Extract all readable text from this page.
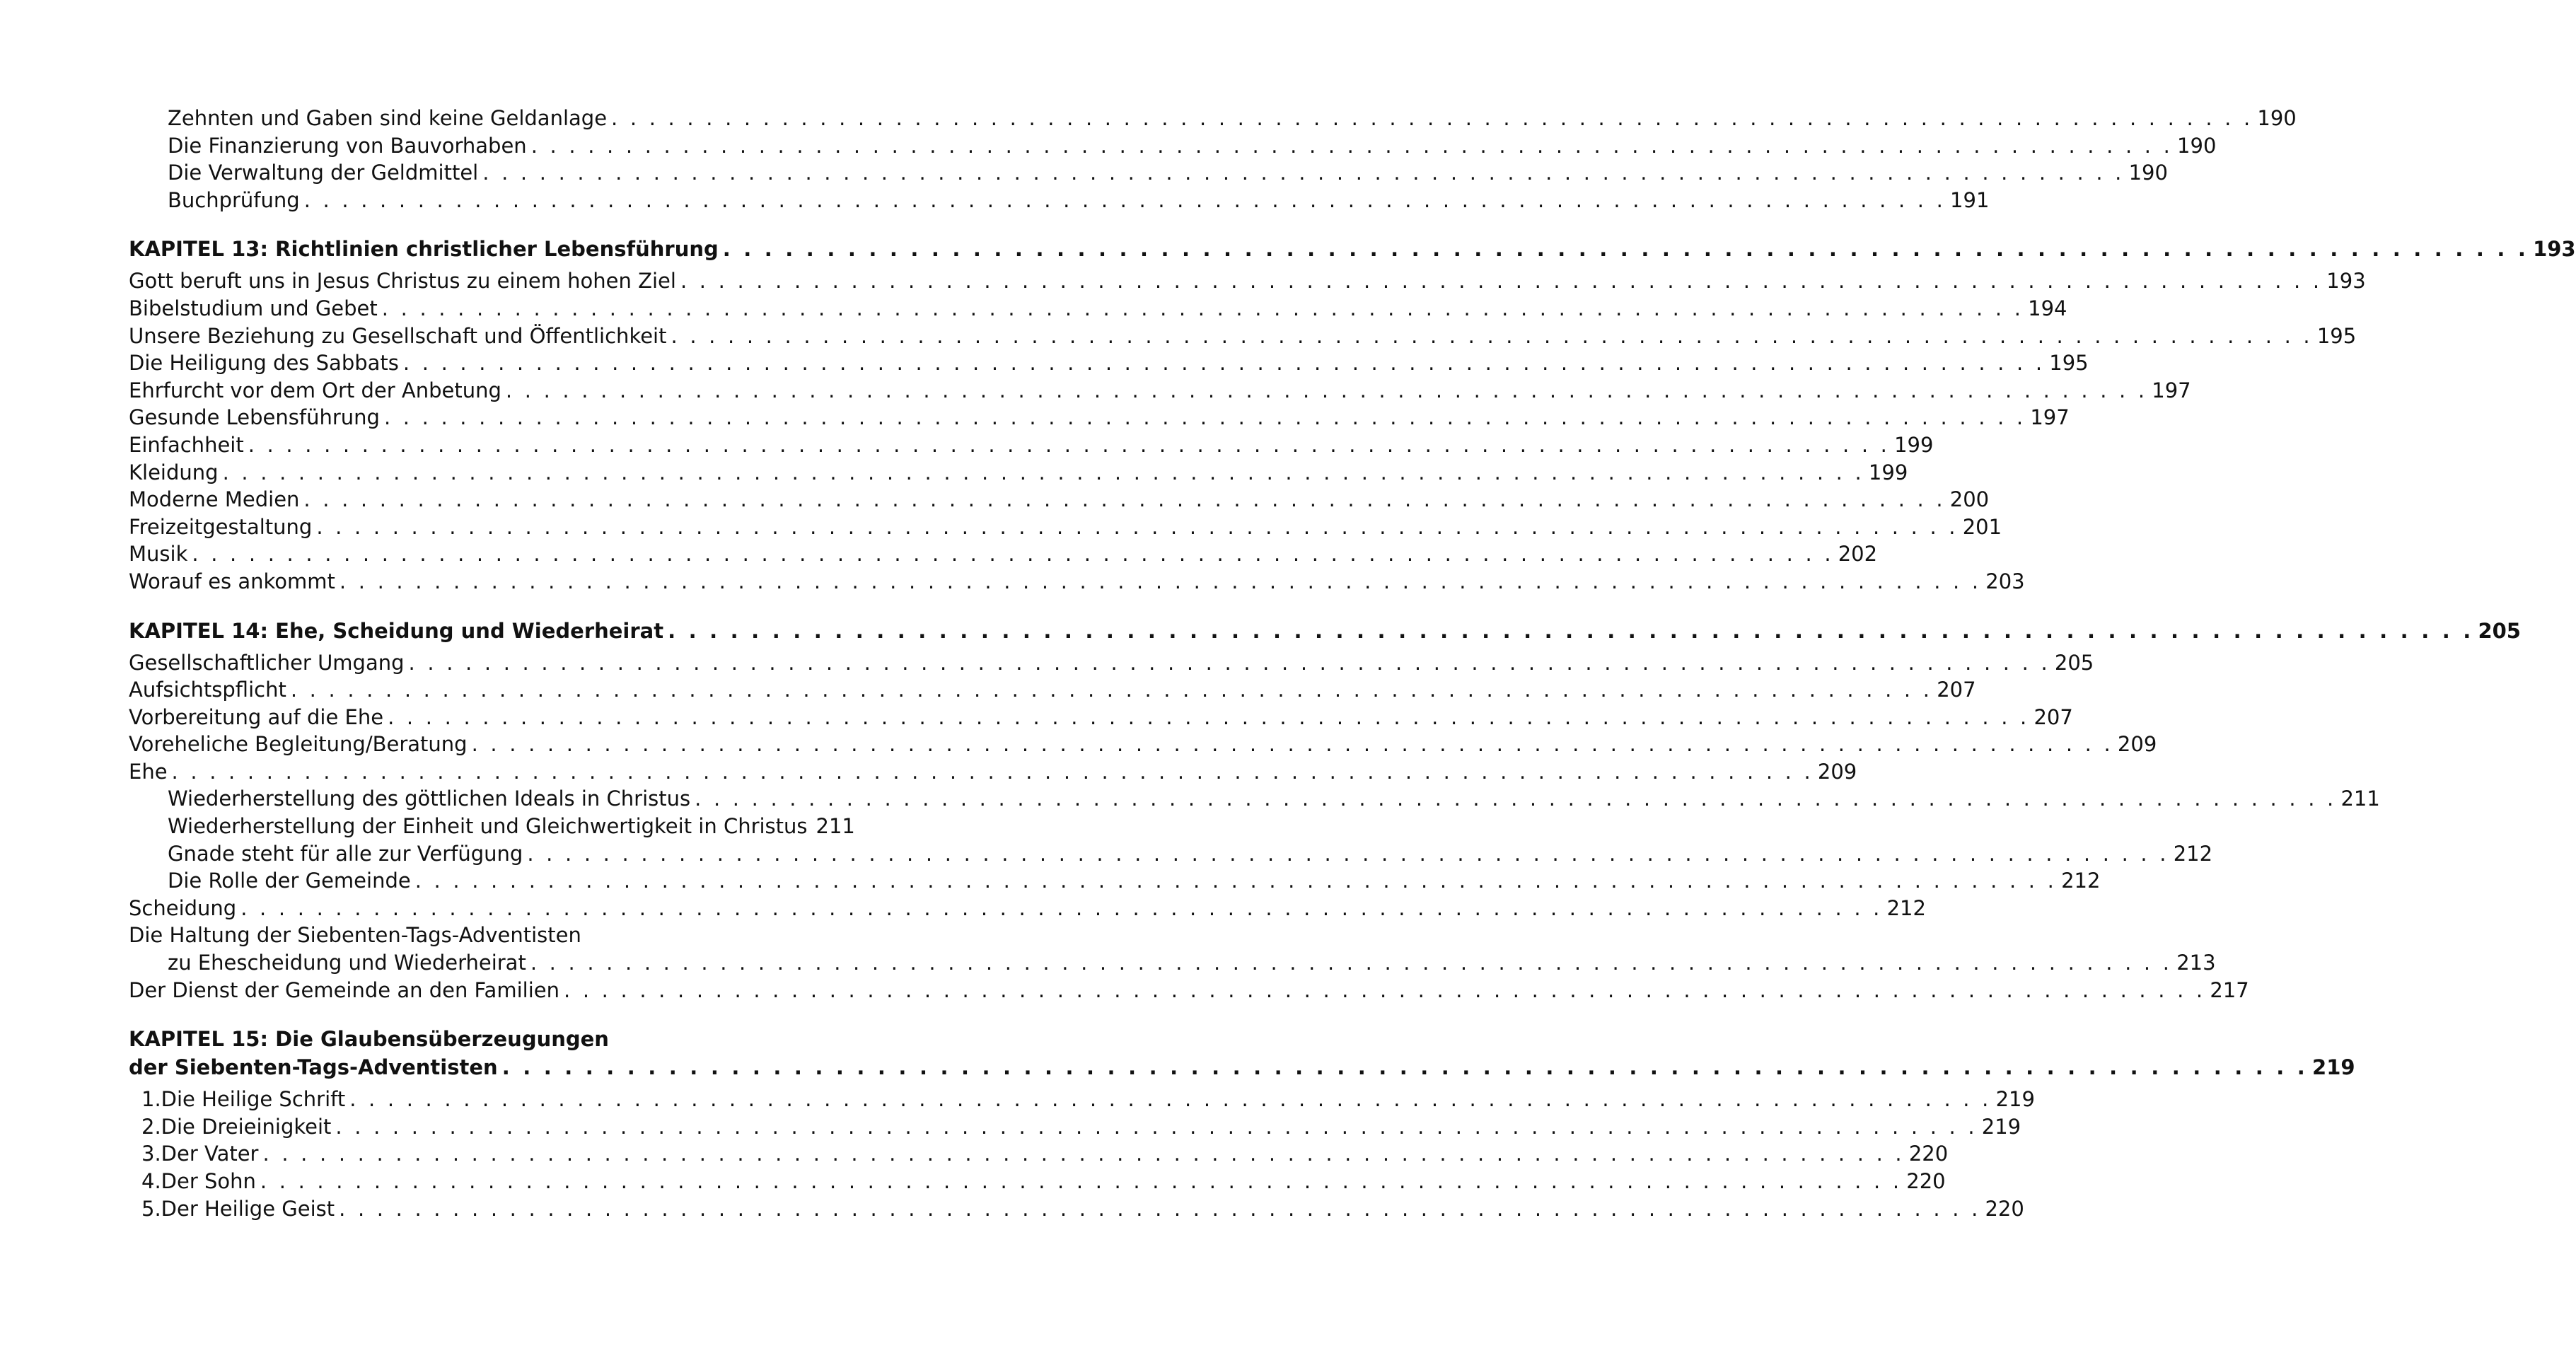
Zehnten und Gaben sind keine Geldanlage . . .	190
Die Finanzierung von Bauvorhaben . . .	190
Die Verwaltung der Geldmittel . . .	190
Buchprüfung . . .	191
KAPITEL 13: Richtlinien christlicher Lebensführung . . .	193
Gott beruft uns in Jesus Christus zu einem hohen Ziel . . .	193
Bibelstudium und Gebet . . .	194
Unsere Beziehung zu Gesellschaft und Öffentlichkeit . . .	195
Die Heiligung des Sabbats . . .	195
Ehrfurcht vor dem Ort der Anbetung . . .	197
Gesunde Lebensführung . . .	197
Einfachheit . . .	199
Kleidung . . .	199
Moderne Medien . . .	200
Freizeitgestaltung . . .	201
Musik . . .	202
Worauf es ankommt . . .	203
KAPITEL 14: Ehe, Scheidung und Wiederheirat . . .	205
Gesellschaftlicher Umgang . . .	205
Aufsichtspflicht . . .	207
Vorbereitung auf die Ehe . . .	207
Voreheliche Begleitung/Beratung . . .	209
Ehe . . .	209
Wiederherstellung des göttlichen Ideals in Christus . . .	211
Wiederherstellung der Einheit und Gleichwertigkeit in Christus 211
Gnade steht für alle zur Verfügung . . .	212
Die Rolle der Gemeinde . . .	212
Scheidung . . .	212
Die Haltung der Siebenten-Tags-Adventisten
zu Ehescheidung und Wiederheirat . . .	213
Der Dienst der Gemeinde an den Familien . . .	217
KAPITEL 15: Die Glaubensüberzeugungen
der Siebenten-Tags-Adventisten . . .	219
1. Die Heilige Schrift . . .	219
2. Die Dreieinigkeit . . .	219
3. Der Vater . . .	220
4. Der Sohn . . .	220
5. Der Heilige Geist . . .	220
